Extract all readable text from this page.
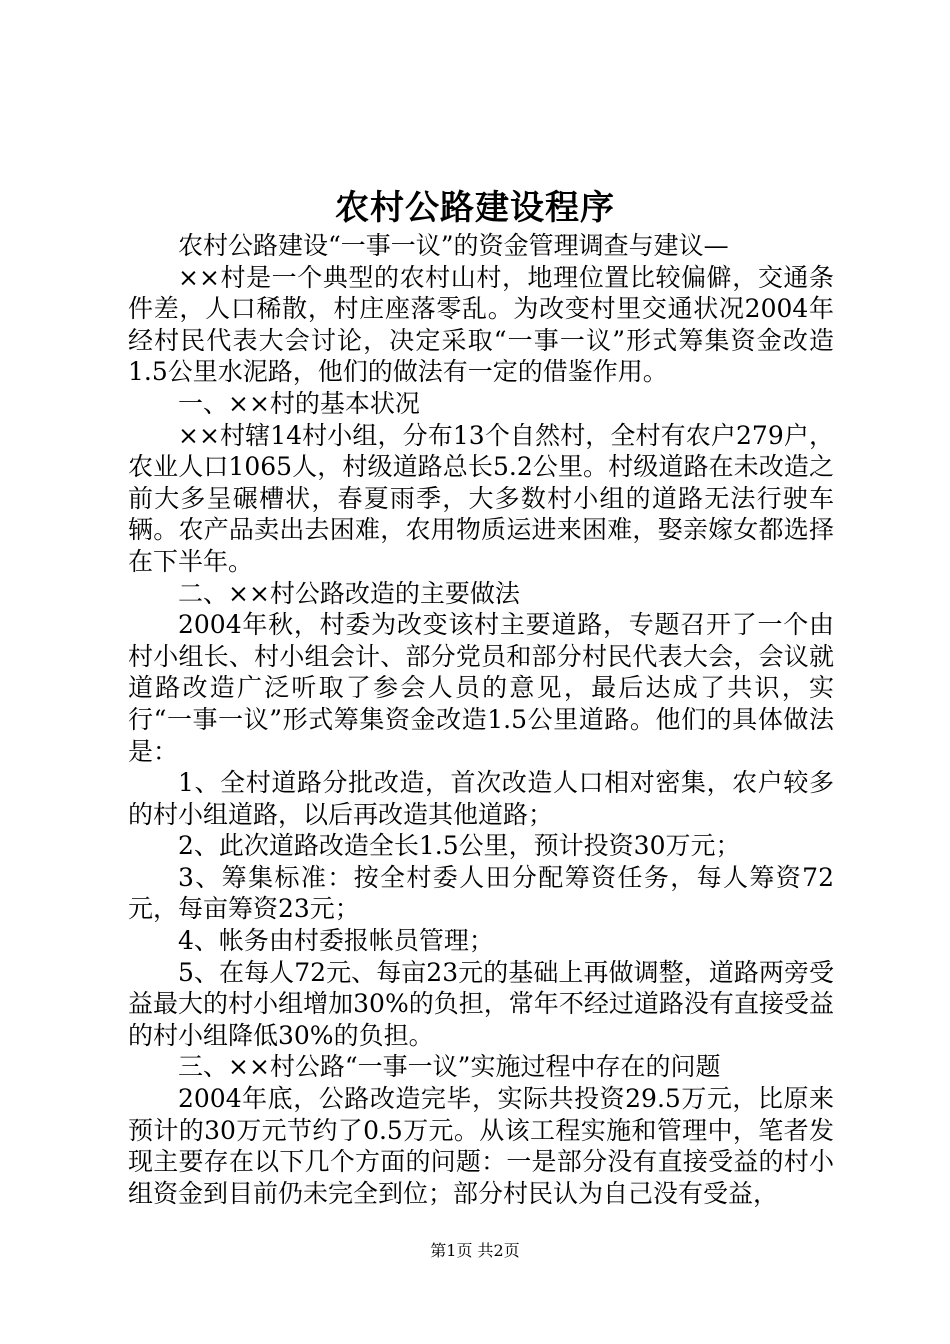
农村公路建设程序

农村公路建设“一事一议”的资金管理调查与建议—

××村是一个典型的农村山村，地理位置比较偏僻，交通条件差，人口稀散，村庄座落零乱。为改变村里交通状况2004年经村民代表大会讨论，决定采取“一事一议”形式筹集资金改造1.5公里水泥路，他们的做法有一定的借鉴作用。

一、××村的基本状况

××村辖14村小组，分布13个自然村，全村有农户279户，农业人口1065人，村级道路总长5.2公里。村级道路在未改造之前大多呈碾槽状，春夏雨季，大多数村小组的道路无法行驶车辆。农产品卖出去困难，农用物质运进来困难，娶亲嫁女都选择在下半年。

二、××村公路改造的主要做法

2004年秋，村委为改变该村主要道路，专题召开了一个由村小组长、村小组会计、部分党员和部分村民代表大会，会议就道路改造广泛听取了参会人员的意见，最后达成了共识，实行“一事一议”形式筹集资金改造1.5公里道路。他们的具体做法是：

1、全村道路分批改造，首次改造人口相对密集，农户较多的村小组道路，以后再改造其他道路；

2、此次道路改造全长1.5公里，预计投资30万元；

3、筹集标准：按全村委人田分配筹资任务，每人筹资72元，每亩筹资23元；

4、帐务由村委报帐员管理；

5、在每人72元、每亩23元的基础上再做调整，道路两旁受益最大的村小组增加30%的负担，常年不经过道路没有直接受益的村小组降低30%的负担。

三、××村公路“一事一议”实施过程中存在的问题

2004年底，公路改造完毕，实际共投资29.5万元，比原来预计的30万元节约了0.5万元。从该工程实施和管理中，笔者发现主要存在以下几个方面的问题：一是部分没有直接受益的村小组资金到目前仍未完全到位；部分村民认为自己没有受益，

第1页 共2页
